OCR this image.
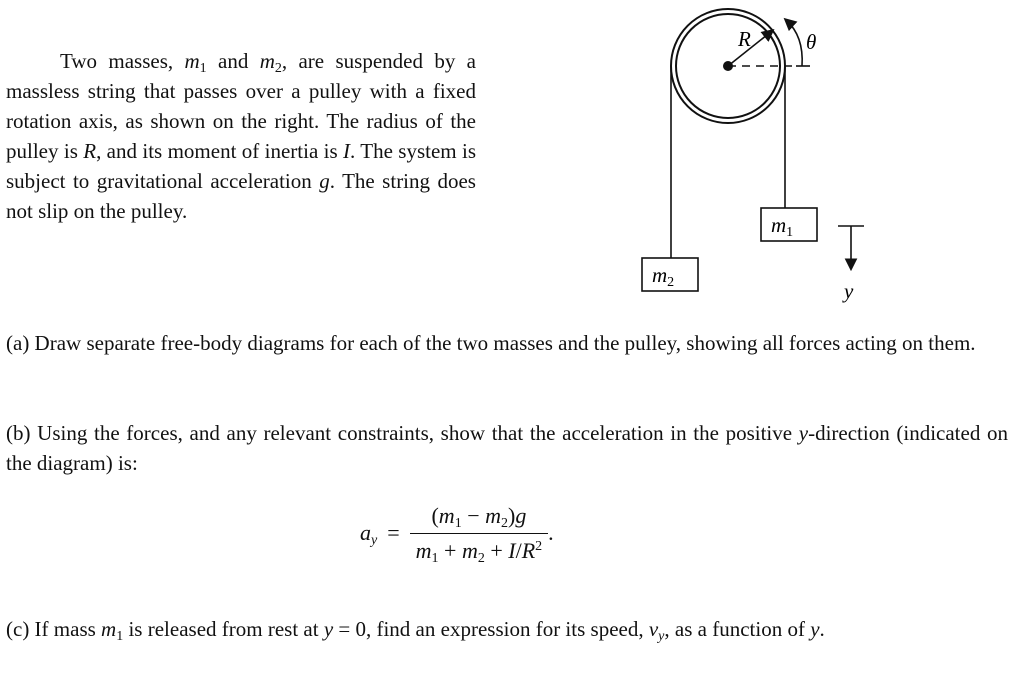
Two masses, $m_1$ and $m_2$, are suspended by a massless string that passes over a pulley with a fixed rotation axis, as shown on the right. The radius of the pulley is R, and its moment of inertia is I. The system is subject to gravitational acceleration g. The string does not slip on the pulley.
R	θ
m1
m2	y
(a) Draw separate free-body diagrams for each of the two masses and the pulley, showing all forces acting on them.
(b) Using the forces, and any relevant constraints, show that the acceleration in the positive y-direction (indicated on the diagram) is:
$a_y = \frac{(m_1 - m_2)g}{m_1 + m_2 + I/R^2}$ .
(c) If mass $m_1$ is released from rest at y = 0, find an expression for its speed, $v_y$, as a function of y.
